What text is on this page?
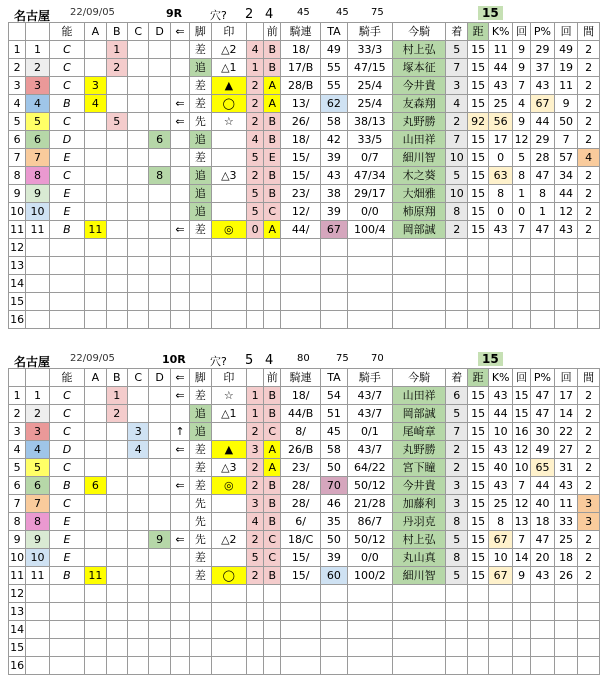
名古屋 22/09/05	9R	穴? 2 4 45	45 75	15
		能	A	B	C	D	⇐	脚	印		前	騎連	TA	騎手	今騎	着	距	K%	回	P%	回	間
1	1	C		1				差	△2	4	B	18/	49	33/3	村上弘	5	15	11	9	29	49	2
2	2	C		2				追	△1	1	B	17/B	55	47/15	塚本征	7	15	44	9	37	19	2
3	3	C	3					差	▲	2	A	28/B	55	25/4	今井貴	3	15	43	7	43	11	2
4	4	B	4				⇐	差	◯	2	A	13/	62	25/4	友森翔	4	15	25	4	67	9	2
5	5	C		5			⇐	先	☆	2	B	26/	58	38/13	丸野勝	2	92	56	9	44	50	2
6	6	D				6		追		4	B	18/	42	33/5	山田祥	7	15	17	12	29	7	2
7	7	E						差		5	E	15/	39	0/7	細川智	10	15	0	5	28	57	4
8	8	C				8		追	△3	2	B	15/	43	47/34	木之葵	5	15	63	8	47	34	2
9	9	E						追		5	B	23/	38	29/17	大畑雅	10	15	8	1	8	44	2
10	10	E						追		5	C	12/	39	0/0	柿原翔	8	15	0	0	1	12	2
11	11	B	11				⇐	差	◎	0	A	44/	67	100/4	岡部誠	2	15	43	7	47	43	2
12																						
13																						
14																						
15																						
16																						
名古屋 22/09/05	10R 穴? 5 4 80	75 70	15
		能	A	B	C	D	⇐	脚	印		前	騎連	TA	騎手	今騎	着	距	K%	回	P%	回	間
1	1	C		1			⇐	差	☆	1	B	18/	54	43/7	山田祥	6	15	43	15	47	17	2
2	2	C		2				追	△1	1	B	44/B	51	43/7	岡部誠	5	15	44	15	47	14	2
3	3	C			3		↑	追		2	C	8/	45	0/1	尾崎章	7	15	10	16	30	22	2
4	4	D			4		⇐	差	▲	3	A	26/B	58	43/7	丸野勝	2	15	43	12	49	27	2
5	5	C						差	△3	2	A	23/	50	64/22	宮下瞳	2	15	40	10	65	31	2
6	6	B	6				⇐	差	◎	2	B	28/	70	50/12	今井貴	3	15	43	7	44	43	2
7	7	C						先		3	B	28/	46	21/28	加藤利	3	15	25	12	40	11	3
8	8	E						先		4	B	6/	35	86/7	丹羽克	8	15	8	13	18	33	3
9	9	E				9	⇐	先	△2	2	C	18/C	50	50/12	村上弘	5	15	67	7	47	25	2
10	10	E						差		5	C	15/	39	0/0	丸山真	8	15	10	14	20	18	2
11	11	B	11					差	◯	2	B	15/	60	100/2	細川智	5	15	67	9	43	26	2
12																						
13																						
14																						
15																						
16																						
